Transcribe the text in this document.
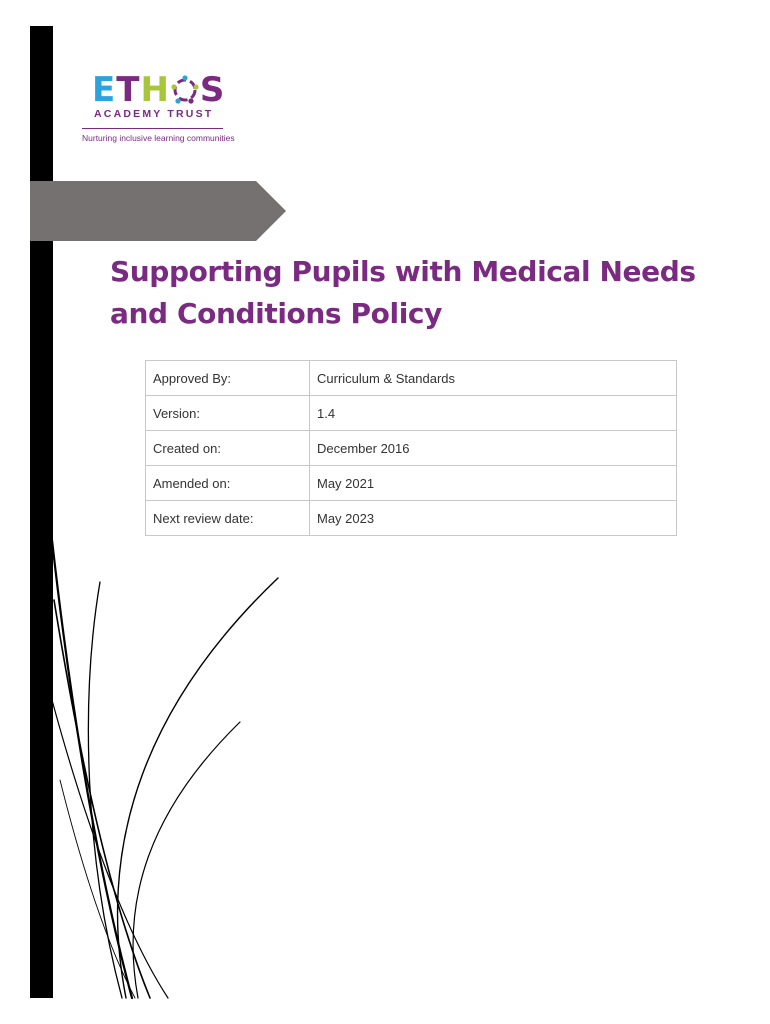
ETH S
ACADEMY TRUST
Nurturing inclusive learning communities
Supporting Pupils with Medical Needs and Conditions Policy
Approved By:	Curriculum & Standards
Version:	1.4
Created on:	December 2016
Amended on:	May 2021
Next review date:	May 2023
